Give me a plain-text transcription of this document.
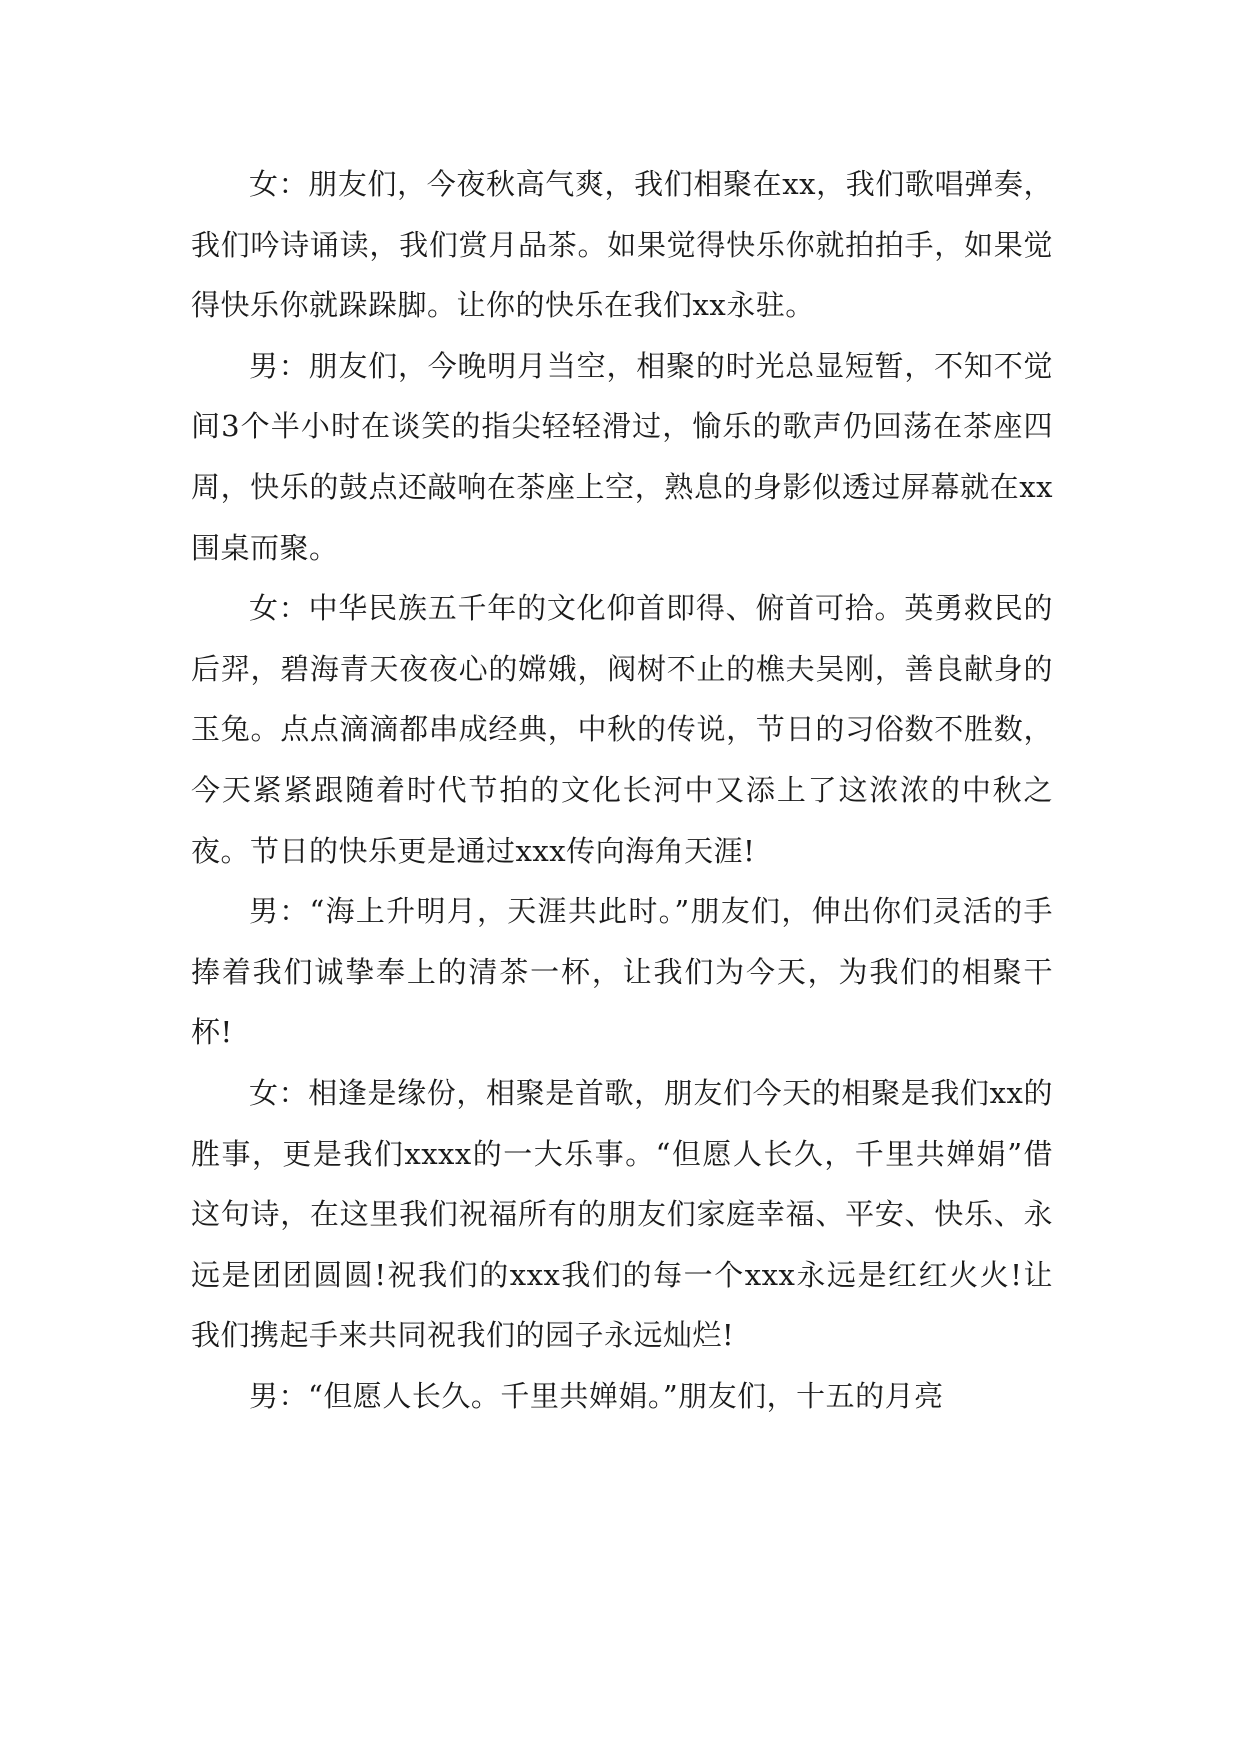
女：朋友们，今夜秋高气爽，我们相聚在xx，我们歌唱弹奏，我们吟诗诵读，我们赏月品茶。如果觉得快乐你就拍拍手，如果觉得快乐你就跺跺脚。让你的快乐在我们xx永驻。

男：朋友们，今晚明月当空，相聚的时光总显短暂，不知不觉间3个半小时在谈笑的指尖轻轻滑过，愉乐的歌声仍回荡在茶座四周，快乐的鼓点还敲响在茶座上空，熟息的身影似透过屏幕就在xx围桌而聚。

女：中华民族五千年的文化仰首即得、俯首可拾。英勇救民的后羿，碧海青天夜夜心的嫦娥，阀树不止的樵夫吴刚，善良献身的玉兔。点点滴滴都串成经典，中秋的传说，节日的习俗数不胜数，今天紧紧跟随着时代节拍的文化长河中又添上了这浓浓的中秋之夜。节日的快乐更是通过xxx传向海角天涯!

男：“海上升明月，天涯共此时。”朋友们，伸出你们灵活的手捧着我们诚挚奉上的清茶一杯，让我们为今天，为我们的相聚干杯!

女：相逢是缘份，相聚是首歌，朋友们今天的相聚是我们xx的胜事，更是我们xxxx的一大乐事。“但愿人长久，千里共婵娟”借这句诗，在这里我们祝福所有的朋友们家庭幸福、平安、快乐、永远是团团圆圆!祝我们的xxx我们的每一个xxx永远是红红火火!让我们携起手来共同祝我们的园子永远灿烂!

男：“但愿人长久。千里共婵娟。”朋友们，十五的月亮
